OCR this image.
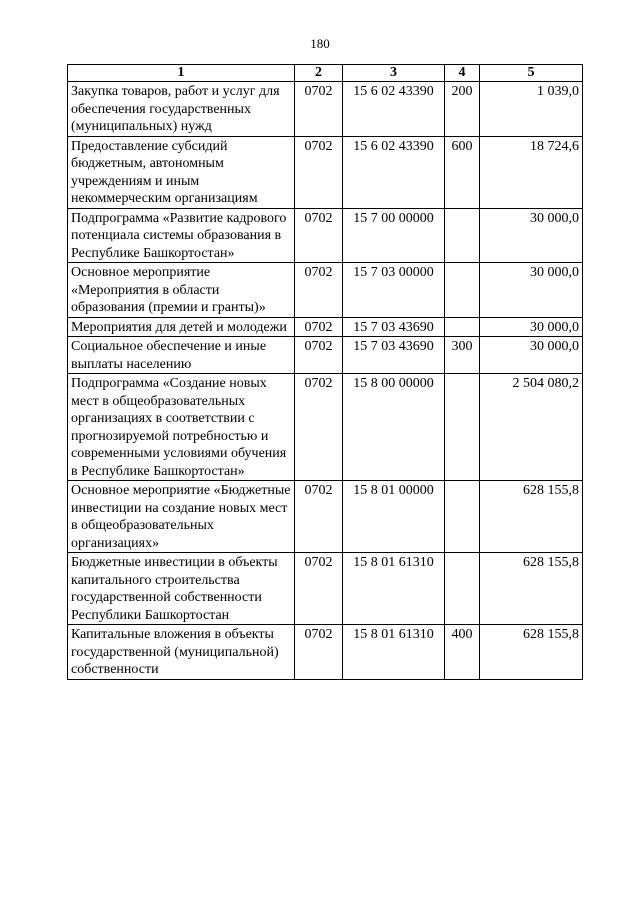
180
1	2	3	4	5
Закупка товаров, работ и услуг для обеспечения государственных (муниципальных) нужд	0702	15 6 02 43390	200	1 039,0
Предоставление субсидий бюджетным, автономным учреждениям и иным некоммерческим организациям	0702	15 6 02 43390	600	18 724,6
Подпрограмма «Развитие кадрового потенциала системы образования в Республике Башкортостан»	0702	15 7 00 00000		30 000,0
Основное мероприятие «Мероприятия в области образования (премии и гранты)»	0702	15 7 03 00000		30 000,0
Мероприятия для детей и молодежи	0702	15 7 03 43690		30 000,0
Социальное обеспечение и иные выплаты населению	0702	15 7 03 43690	300	30 000,0
Подпрограмма «Создание новых мест в общеобразовательных организациях в соответствии с прогнозируемой потребностью и современными условиями обучения в Республике Башкортостан»	0702	15 8 00 00000		2 504 080,2
Основное мероприятие «Бюджетные инвестиции на создание новых мест в общеобразовательных организациях»	0702	15 8 01 00000		628 155,8
Бюджетные инвестиции в объекты капитального строительства государственной собственности Республики Башкортостан	0702	15 8 01 61310		628 155,8
Капитальные вложения в объекты государственной (муниципальной) собственности	0702	15 8 01 61310	400	628 155,8
